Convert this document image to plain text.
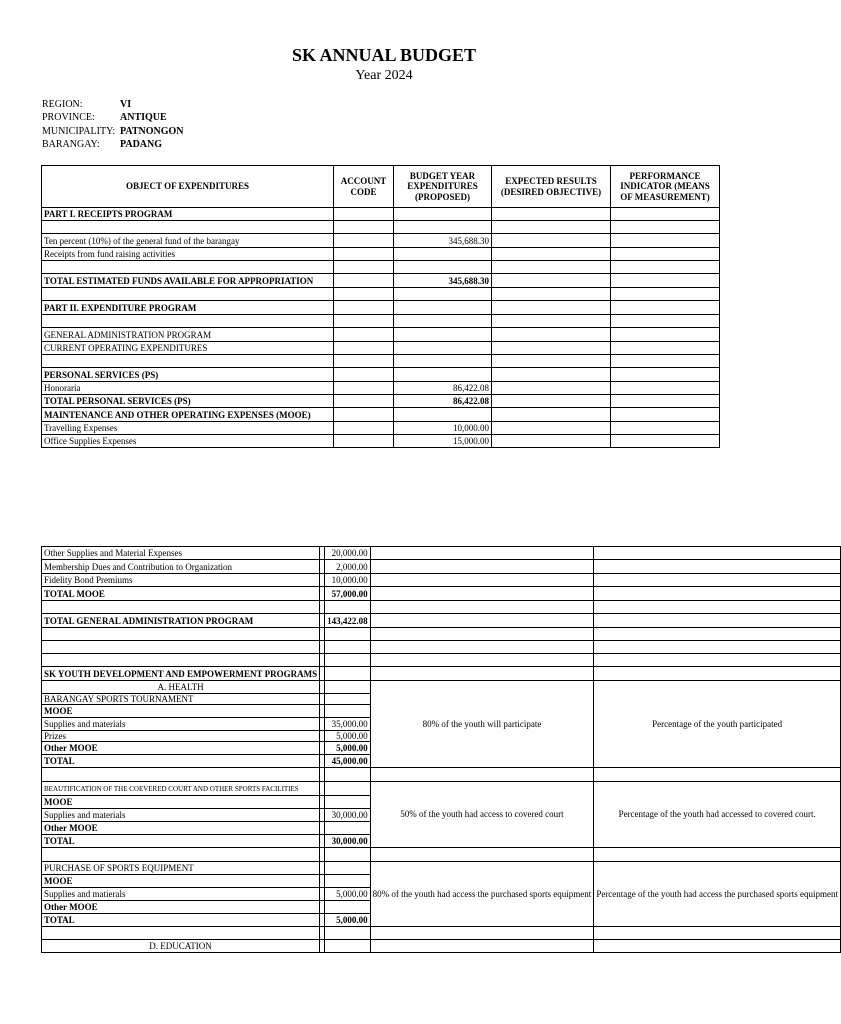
SK ANNUAL BUDGET
Year 2024
REGION:	VI
PROVINCE:	ANTIQUE
MUNICIPALITY: PATNONGON
BARANGAY:	PADANG
OBJECT OF EXPENDITURES	ACCOUNT CODE	BUDGET YEAR EXPENDITURES (PROPOSED)	EXPECTED RESULTS (DESIRED OBJECTIVE)	PERFORMANCE INDICATOR (MEANS OF MEASUREMENT)
PART I. RECEIPTS PROGRAM				

Ten percent (10%) of the general fund of the barangay		345,688.30		
Receipts from fund raising activities				

TOTAL ESTIMATED FUNDS AVAILABLE FOR APPROPRIATION		345,688.30		

PART II. EXPENDITURE PROGRAM				

GENERAL ADMINISTRATION PROGRAM				
CURRENT OPERATING EXPENDITURES				

PERSONAL SERVICES (PS)				
Honoraria		86,422.08		
TOTAL PERSONAL SERVICES (PS)		86,422.08		
MAINTENANCE AND OTHER OPERATING EXPENSES (MOOE)				
Travelling Expenses		10,000.00		
Office Supplies Expenses		15,000.00		
Other Supplies and Material Expenses		20,000.00		
Membership Dues and Contribution to Organization		2,000.00		
Fidelity Bond Premiums		10,000.00		
TOTAL MOOE		57,000.00		

TOTAL GENERAL ADMINISTRATION PROGRAM		143,422.08		

SK YOUTH DEVELOPMENT AND EMPOWERMENT PROGRAMS				
A. HEALTH			80% of the youth will participate	Percentage of the youth participated
BARANGAY SPORTS TOURNAMENT				
MOOE				
Supplies and materials		35,000.00		
Prizes		5,000.00		
Other MOOE		5,000.00		
TOTAL		45,000.00		

BEAUTIFICATION OF THE COEVERED COURT AND OTHER SPORTS FACILITIES			50% of the youth had access to covered court	Percentage of the youth had accessed to covered court.
MOOE				
Supplies and materials		30,000.00		
Other MOOE				
TOTAL		30,000.00		

PURCHASE OF SPORTS EQUIPMENT			80% of the youth had access the purchased sports equipment	Percentage of the youth had access the purchased sports equipment
MOOE				
Supplies and matierals		5,000.00		
Other MOOE				
TOTAL		5,000.00		

D. EDUCATION				
